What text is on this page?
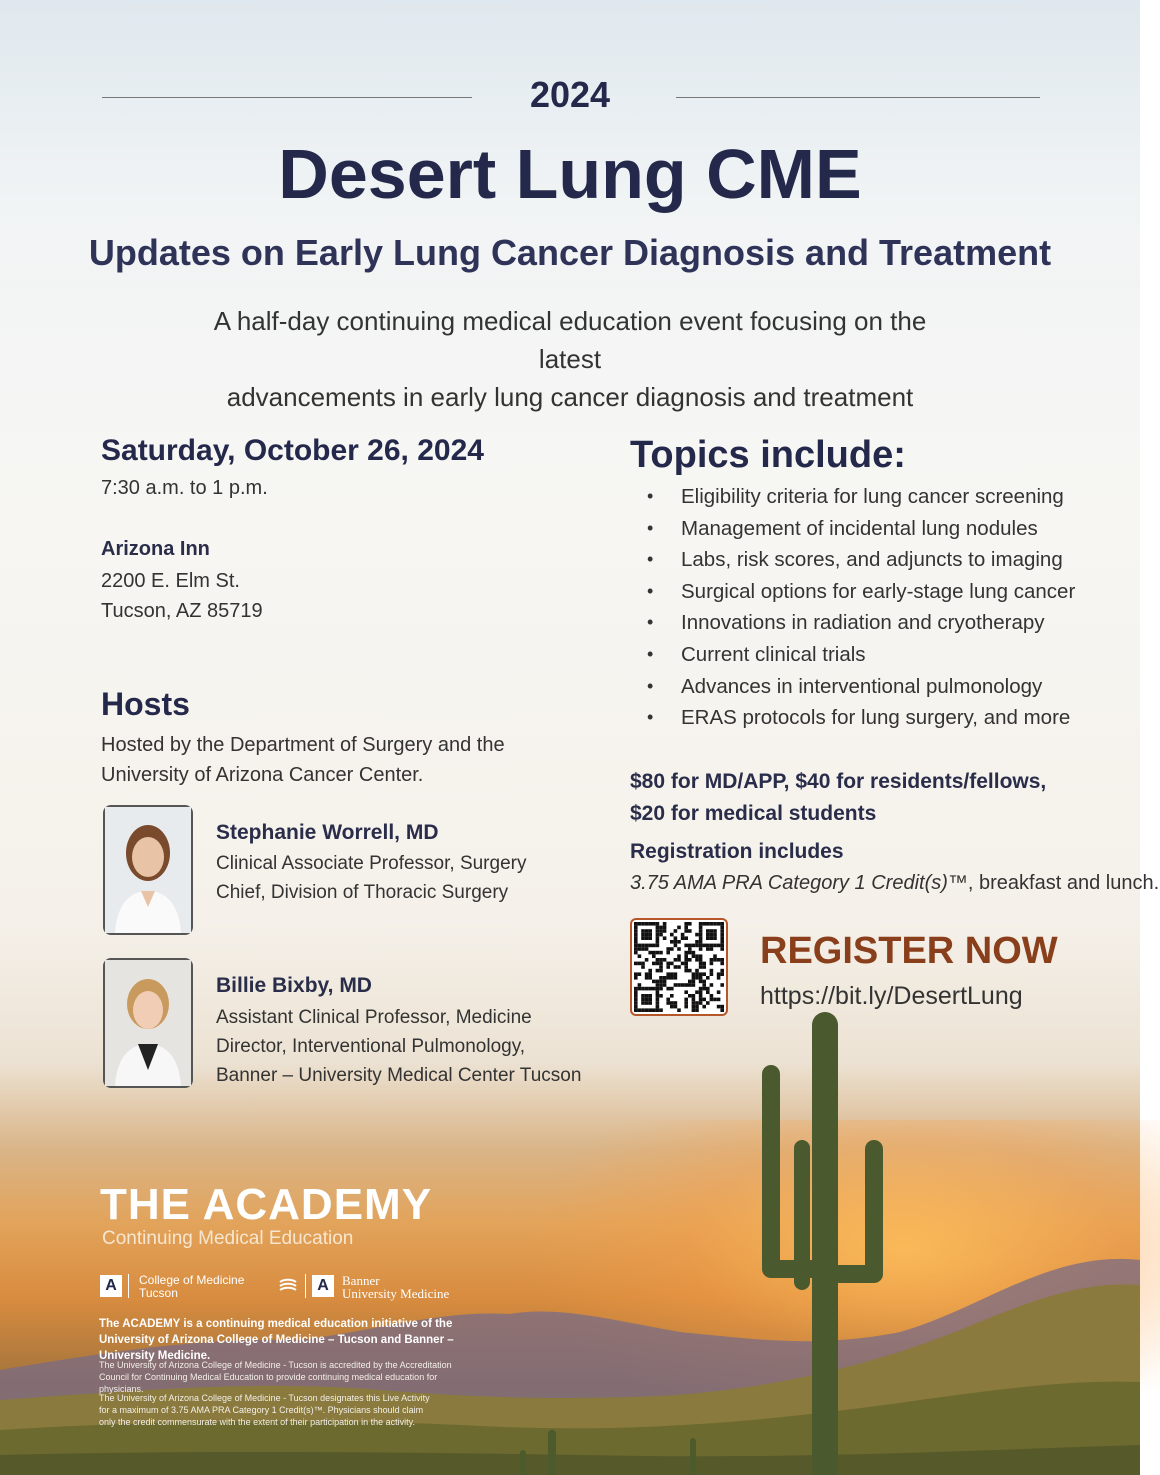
2024
Desert Lung CME
Updates on Early Lung Cancer Diagnosis and Treatment
A half-day continuing medical education event focusing on the latest
advancements in early lung cancer diagnosis and treatment
Saturday, October 26, 2024
7:30 a.m. to 1 p.m.
Arizona Inn
2200 E. Elm St.
Tucson, AZ 85719
Hosts
Hosted by the Department of Surgery and the
University of Arizona Cancer Center.
Stephanie Worrell, MD
Clinical Associate Professor, Surgery
Chief, Division of Thoracic Surgery
Billie Bixby, MD
Assistant Clinical Professor, Medicine
Director, Interventional Pulmonology,
Banner – University Medical Center Tucson
Topics include:
• Eligibility criteria for lung cancer screening
• Management of incidental lung nodules
• Labs, risk scores, and adjuncts to imaging
• Surgical options for early-stage lung cancer
• Innovations in radiation and cryotherapy
• Current clinical trials
• Advances in interventional pulmonology
• ERAS protocols for lung surgery, and more
$80 for MD/APP, $40 for residents/fellows,
$20 for medical students
Registration includes
3.75 AMA PRA Category 1 Credit(s)™, breakfast and lunch.
REGISTER NOW
https://bit.ly/DesertLung
THE ACADEMY
Continuing Medical Education
A	College of Medicine
Tucson	A	Banner
University Medicine
The ACADEMY is a continuing medical education initiative of the University of Arizona College of Medicine – Tucson and Banner – University Medicine.
The University of Arizona College of Medicine - Tucson is accredited by the Accreditation Council for Continuing Medical Education to provide continuing medical education for physicians.
The University of Arizona College of Medicine - Tucson designates this Live Activity for a maximum of 3.75 AMA PRA Category 1 Credit(s)™. Physicians should claim only the credit commensurate with the extent of their participation in the activity.
